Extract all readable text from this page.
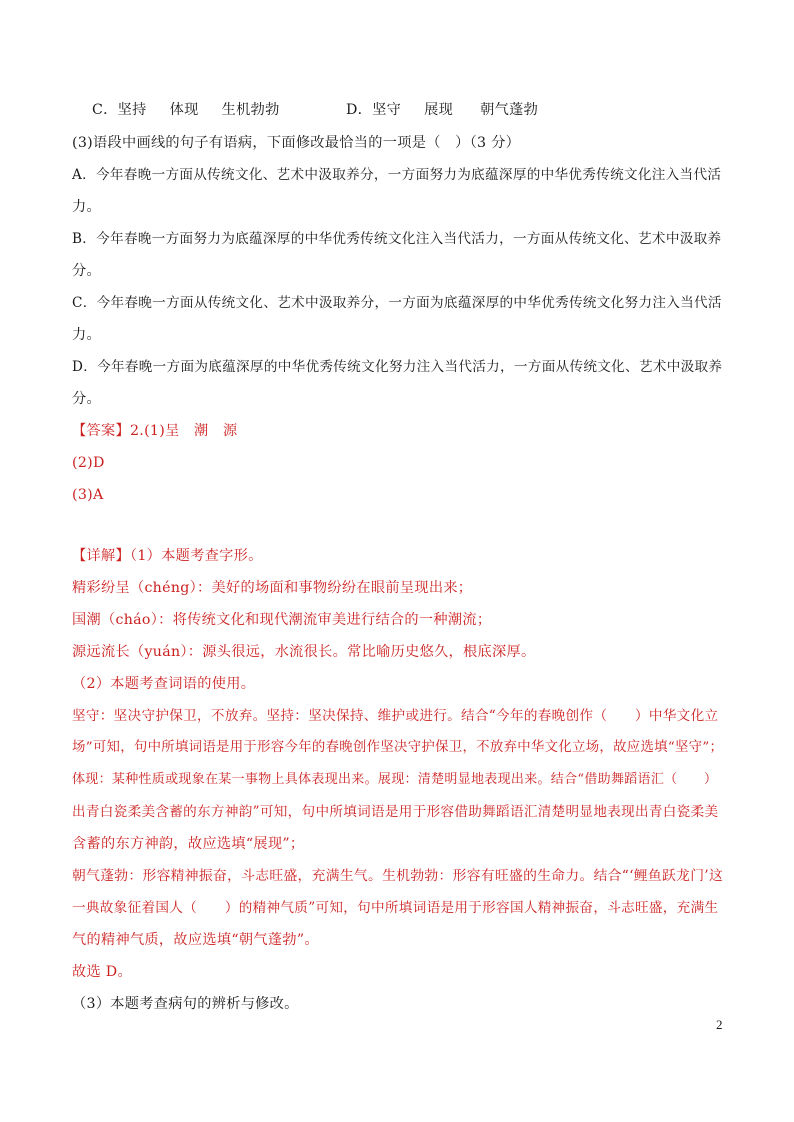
C．坚持 体现 生机勃勃	D．坚守 展现 朝气蓬勃
(3)语段中画线的句子有语病，下面修改最恰当的一项是（　）（3 分）
A．今年春晚一方面从传统文化、艺术中汲取养分，一方面努力为底蕴深厚的中华优秀传统文化注入当代活
力。
B．今年春晚一方面努力为底蕴深厚的中华优秀传统文化注入当代活力，一方面从传统文化、艺术中汲取养
分。
C．今年春晚一方面从传统文化、艺术中汲取养分，一方面为底蕴深厚的中华优秀传统文化努力注入当代活
力。
D．今年春晚一方面为底蕴深厚的中华优秀传统文化努力注入当代活力，一方面从传统文化、艺术中汲取养
分。
【答案】2.(1)呈　潮　源
(2)D
(3)A
【详解】（1）本题考查字形。
精彩纷呈（chéng）：美好的场面和事物纷纷在眼前呈现出来；
国潮（cháo）：将传统文化和现代潮流审美进行结合的一种潮流；
源远流长（yuán）：源头很远，水流很长。常比喻历史悠久，根底深厚。
（2）本题考查词语的使用。
坚守：坚决守护保卫，不放弃。坚持：坚决保持、维护或进行。结合“今年的春晚创作（　　）中华文化立
场”可知，句中所填词语是用于形容今年的春晚创作坚决守护保卫，不放弃中华文化立场，故应选填“坚守”；
体现：某种性质或现象在某一事物上具体表现出来。展现：清楚明显地表现出来。结合“借助舞蹈语汇（　　）
出青白瓷柔美含蓄的东方神韵”可知，句中所填词语是用于形容借助舞蹈语汇清楚明显地表现出青白瓷柔美
含蓄的东方神韵，故应选填“展现”；
朝气蓬勃：形容精神振奋，斗志旺盛，充满生气。生机勃勃：形容有旺盛的生命力。结合“‘鲤鱼跃龙门’这
一典故象征着国人（　　）的精神气质”可知，句中所填词语是用于形容国人精神振奋，斗志旺盛，充满生
气的精神气质，故应选填“朝气蓬勃”。
故选 D。
（3）本题考查病句的辨析与修改。
2
